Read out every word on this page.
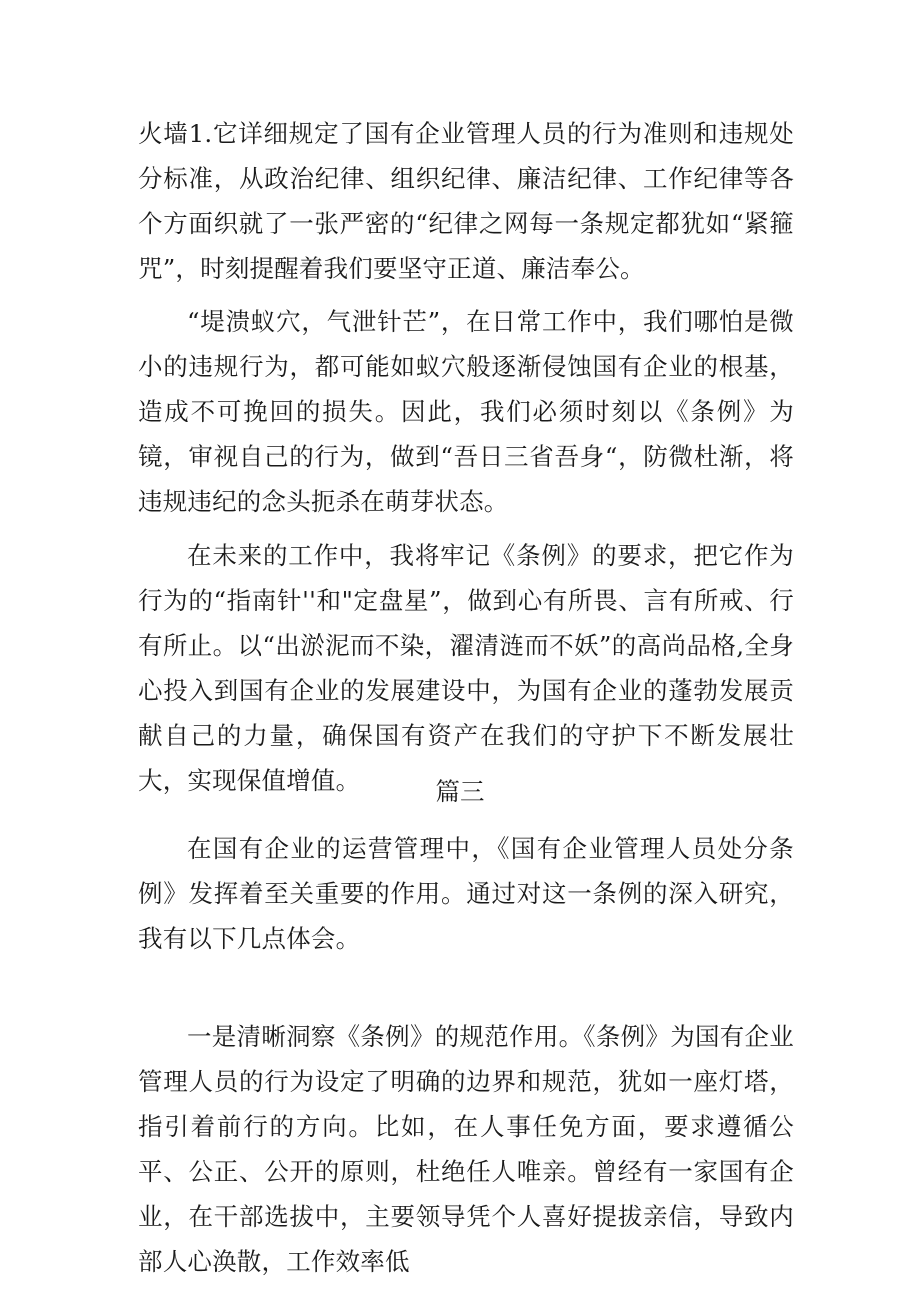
火墙1.它详细规定了国有企业管理人员的行为准则和违规处分标准，从政治纪律、组织纪律、廉洁纪律、工作纪律等各个方面织就了一张严密的“纪律之网每一条规定都犹如“紧箍咒”，时刻提醒着我们要坚守正道、廉洁奉公。

“堤溃蚁穴，气泄针芒”，在日常工作中，我们哪怕是微小的违规行为，都可能如蚁穴般逐渐侵蚀国有企业的根基，造成不可挽回的损失。因此，我们必须时刻以《条例》为镜，审视自己的行为，做到“吾日三省吾身“，防微杜渐，将违规违纪的念头扼杀在萌芽状态。

在未来的工作中，我将牢记《条例》的要求，把它作为行为的“指南针''和"定盘星”，做到心有所畏、言有所戒、行有所止。以“出淤泥而不染，濯清涟而不妖”的高尚品格,全身心投入到国有企业的发展建设中，为国有企业的蓬勃发展贡献自己的力量，确保国有资产在我们的守护下不断发展壮大，实现保值增值。	篇三

在国有企业的运营管理中，《国有企业管理人员处分条例》发挥着至关重要的作用。通过对这一条例的深入研究，我有以下几点体会。

一是清晰洞察《条例》的规范作用。《条例》为国有企业管理人员的行为设定了明确的边界和规范，犹如一座灯塔，指引着前行的方向。比如，在人事任免方面，要求遵循公平、公正、公开的原则，杜绝任人唯亲。曾经有一家国有企业，在干部选拔中，主要领导凭个人喜好提拔亲信，导致内部人心涣散，工作效率低
